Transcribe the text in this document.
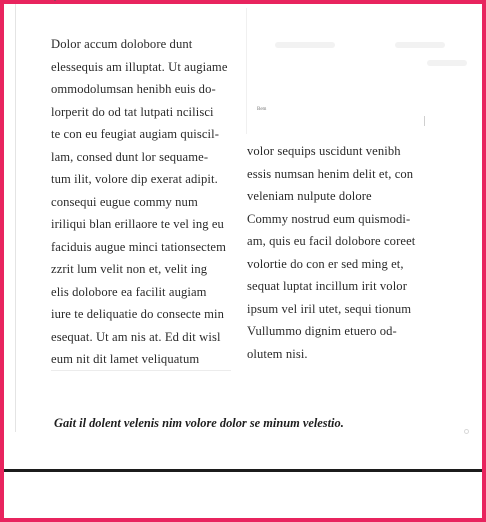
·
Bem

Dolor accum dolobore dunt

elessequis am illuptat. Ut augiame

ommodolumsan henibh euis do-

lorperit do od tat lutpati ncilisci

te con eu feugiat augiam quiscil-

lam, consed dunt lor sequame-

tum ilit, volore dip exerat adipit.

consequi eugue commy num

iriliqui blan erillaore te vel ing eu

faciduis augue minci tationsectem

zzrit lum velit non et, velit ing

elis dolobore ea facilit augiam

iure te deliquatie do consecte min

esequat. Ut am nis at. Ed dit wisl

eum nit dit lamet veliquatum

volor sequips uscidunt venibh

essis numsan henim delit et, con

veleniam nulpute dolore

Commy nostrud eum quismodi-

am, quis eu facil dolobore coreet

volortie do con er sed ming et,

sequat luptat incillum irit volor

ipsum vel iril utet, sequi tionum

Vullummo dignim etuero od-

olutem nisi.

Gait il dolent velenis nim volore dolor se minum velestio.
